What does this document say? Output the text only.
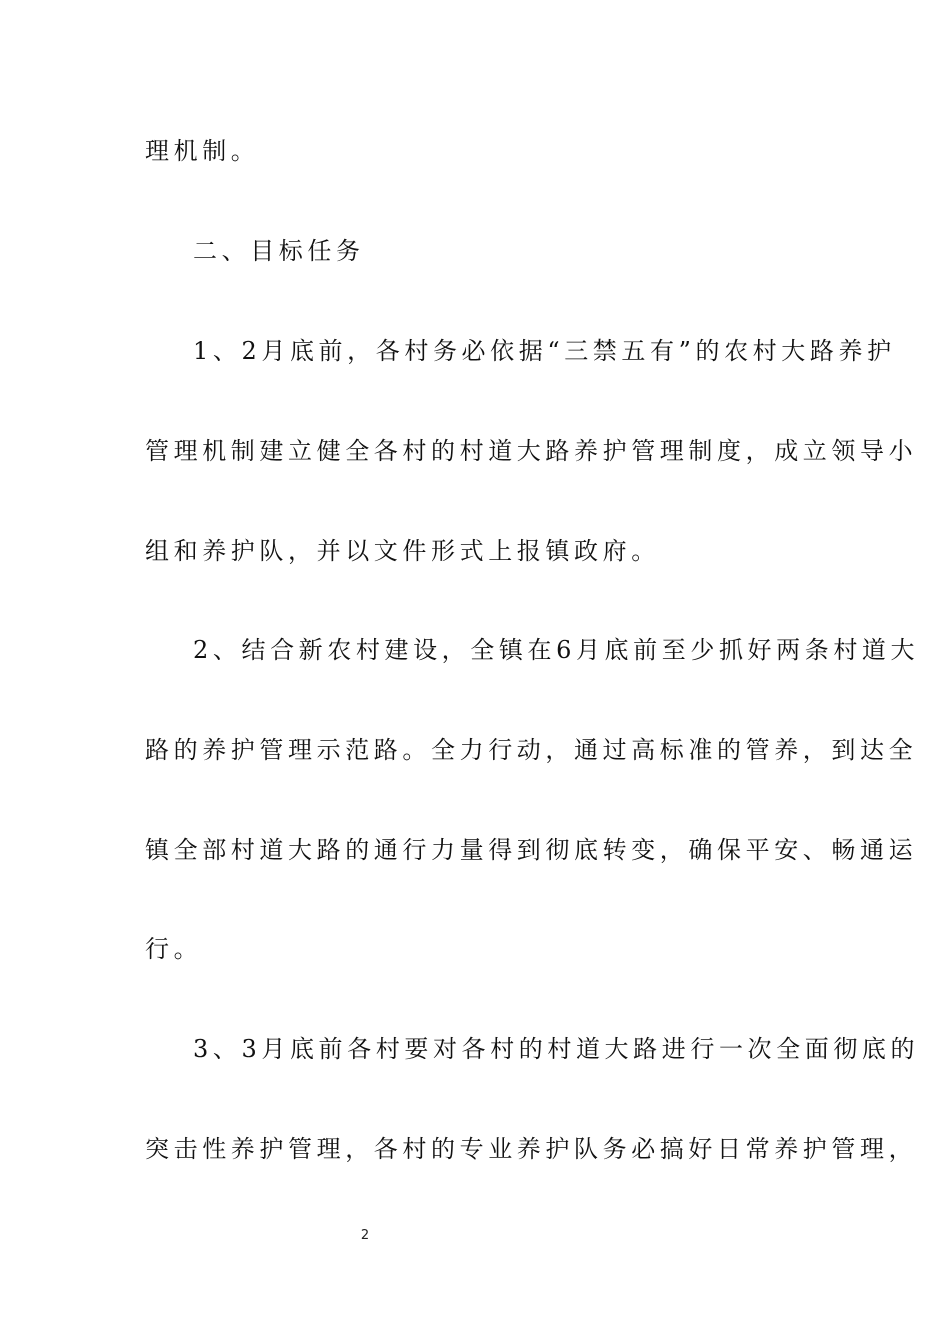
理机制。
二、目标任务
1、2月底前，各村务必依据“三禁五有”的农村大路养护
管理机制建立健全各村的村道大路养护管理制度，成立领导小
组和养护队，并以文件形式上报镇政府。
2、结合新农村建设，全镇在6月底前至少抓好两条村道大
路的养护管理示范路。全力行动，通过高标准的管养，到达全
镇全部村道大路的通行力量得到彻底转变，确保平安、畅通运
行。
3、3月底前各村要对各村的村道大路进行一次全面彻底的
突击性养护管理，各村的专业养护队务必搞好日常养护管理，
2
